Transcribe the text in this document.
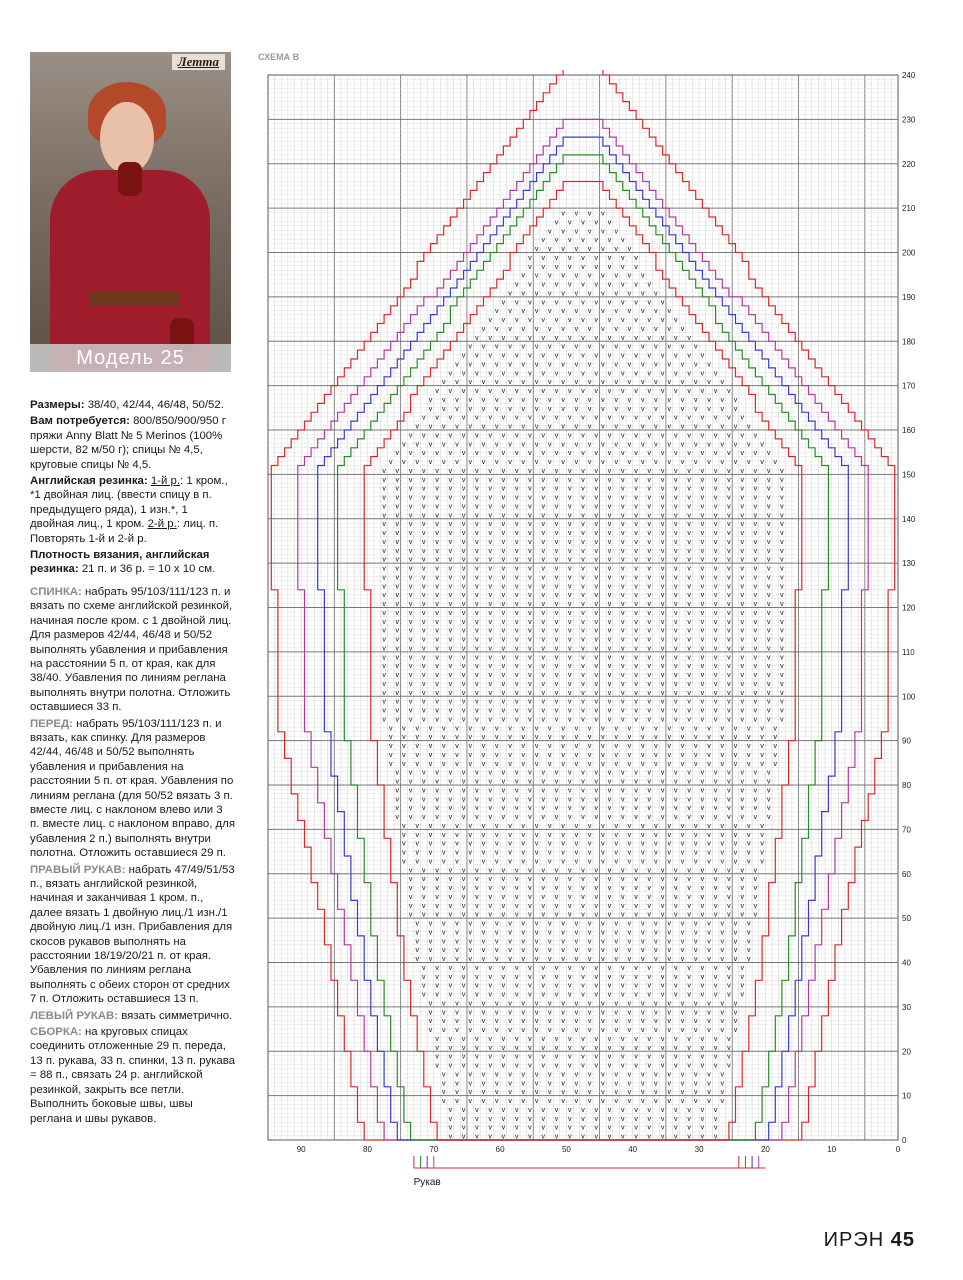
Летта
Модель 25

Размеры: 38/40, 42/44, 46/48, 50/52.

Вам потребуется: 800/850/900/950 г пряжи Anny Blatt № 5 Merinos (100% шерсти, 82 м/50 г); спицы № 4,5, круговые спицы № 4,5.

Английская резинка: 1-й р.: 1 кром., *1 двойная лиц. (ввести спицу в п. предыдущего ряда), 1 изн.*, 1 двойная лиц., 1 кром. 2-й р.: лиц. п. Повторять 1-й и 2-й р.

Плотность вязания, английская резинка: 21 п. и 36 р. = 10 х 10 см.

СПИНКА: набрать 95/103/111/123 п. и вязать по схеме английской резинкой, начиная после кром. с 1 двойной лиц. Для размеров 42/44, 46/48 и 50/52 выполнять убавления и прибавления на расстоянии 5 п. от края, как для 38/40. Убавления по линиям реглана выполнять внутри полотна. Отложить оставшиеся 33 п.

ПЕРЕД: набрать 95/103/111/123 п. и вязать, как спинку. Для размеров 42/44, 46/48 и 50/52 выполнять убавления и прибавления на расстоянии 5 п. от края. Убавления по линиям реглана (для 50/52 вязать 3 п. вместе лиц. с наклоном влево или 3 п. вместе лиц. с наклоном вправо, для убавления 2 п.) выполнять внутри полотна. Отложить оставшиеся 29 п.

ПРАВЫЙ РУКАВ: набрать 47/49/51/53 п., вязать английской резинкой, начиная и заканчивая 1 кром. п., далее вязать 1 двойную лиц./1 изн./1 двойную лиц./1 изн. Прибавления для скосов рукавов выполнять на расстоянии 18/19/20/21 п. от края. Убавления по линиям реглана выполнять с обеих сторон от средних 7 п. Отложить оставшиеся 13 п.

ЛЕВЫЙ РУКАВ: вязать симметрично.

СБОРКА: на круговых спицах соединить отложенные 29 п. переда, 13 п. рукава, 33 п. спинки, 13 п. рукава = 88 п., связать 24 р. английской резинкой, закрыть все петли. Выполнить боковые швы, швы реглана и швы рукавов.

СХЕМА В
v
v
v
v
v
v
v
v
v
v
v
v
v
v
v
v
v
v
v
v
v
v
v
v
v
v
v
v
v
v
v
v
v
v
v
v
v
v
v
v
v
v
v
v
v
v
v
v
v
v
v
v
v
v
v
v
v
v
v
v
v
v
v
v
v
v
v
v
v
v
v
v
v
v
v
v
v
v
v
v
v
v
v
v
v
v
v
v
v
v
v
v
v
v
v
v
v
v
v
v
v
v
v
v
v
v
v
v
v
v
v
v
v
v
v
v
v
v
v
v
v
v
v
v
v
v
v
v
v
v
v
v
v
v
v
v
v
v
v
v
v
v
v
v
v
v
v
v
v
v
v
v
v
v
v
v
v
v
v
v
v
v
v
v
v
v
v
v
v
v
v
v
v
v
v
v
v
v
v
v
v
v
v
v
v
v
v
v
v
v
v
v
v
v
v
v
v
v
v
v
v
v
v
v
v
v
v
v
v
v
v
v
v
v
v
v
v
v
v
v
v
v
v
v
v
v
v
v
v
v
v
v
v
v
v
v
v
v
v
v
v
v
v
v
v
v
v
v
v
v
v
v
v
v
v
v
v
v
v
v
v
v
v
v
v
v
v
v
v
v
v
v
v
v
v
v
v
v
v
v
v
v
v
v
v
v
v
v
v
v
v
v
v
v
v
v
v
v
v
v
v
v
v
v
v
v
v
v
v
v
v
v
v
v
v
v
v
v
v
v
v
v
v
v
v
v
v
v
v
v
v
v
v
v
v
v
v
v
v
v
v
v
v
v
v
v
v
v
v
v
v
v
v
v
v
v
v
v
v
v
v
v
v
v
v
v
v
v
v
v
v
v
v
v
v
v
v
v
v
v
v
v
v
v
v
v
v
v
v
v
v
v
v
v
v
v
v
v
v
v
v
v
v
v
v
v
v
v
v
v
v
v
v
v
v
v
v
v
v
v
v
v
v
v
v
v
v
v
v
v
v
v
v
v
v
v
v
v
v
v
v
v
v
v
v
v
v
v
v
v
v
v
v
v
v
v
v
v
v
v
v
v
v
v
v
v
v
v
v
v
v
v
v
v
v
v
v
v
v
v
v
v
v
v
v
v
v
v
v
v
v
v
v
v
v
v
v
v
v
v
v
v
v
v
v
v
v
v
v
v
v
v
v
v
v
v
v
v
v
v
v
v
v
v
v
v
v
v
v
v
v
v
v
v
v
v
v
v
v
v
v
v
v
v
v
v
v
v
v
v
v
v
v
v
v
v
v
v
v
v
v
v
v
v
v
v
v
v
v
v
v
v
v
v
v
v
v
v
v
v
v
v
v
v
v
v
v
v
v
v
v
v
v
v
v
v
v
v
v
v
v
v
v
v
v
v
v
v
v
v
v
v
v
v
v
v
v
v
v
v
v
v
v
v
v
v
v
v
v
v
v
v
v
v
v
v
v
v
v
v
v
v
v
v
v
v
v
v
v
v
v
v
v
v
v
v
v
v
v
v
v
v
v
v
v
v
v
v
v
v
v
v
v
v
v
v
v
v
v
v
v
v
v
v
v
v
v
v
v
v
v
v
v
v
v
v
v
v
v
v
v
v
v
v
v
v
v
v
v
v
v
v
v
v
v
v
v
v
v
v
v
v
v
v
v
v
v
v
v
v
v
v
v
v
v
v
v
v
v
v
v
v
v
v
v
v
v
v
v
v
v
v
v
v
v
v
v
v
v
v
v
v
v
v
v
v
v
v
v
v
v
v
v
v
v
v
v
v
v
v
v
v
v
v
v
v
v
v
v
v
v
v
v
v
v
v
v
v
v
v
v
v
v
v
v
v
v
v
v
v
v
v
v
v
v
v
v
v
v
v
v
v
v
v
v
v
v
v
v
v
v
v
v
v
v
v
v
v
v
v
v
v
v
v
v
v
v
v
v
v
v
v
v
v
v
v
v
v
v
v
v
v
v
v
v
v
v
v
v
v
v
v
v
v
v
v
v
v
v
v
v
v
v
v
v
v
v
v
v
v
v
v
v
v
v
v
v
v
v
v
v
v
v
v
v
v
v
v
v
v
v
v
v
v
v
v
v
v
v
v
v
v
v
v
v
v
v
v
v
v
v
v
v
v
v
v
v
v
v
v
v
v
v
v
v
v
v
v
v
v
v
v
v
v
v
v
v
v
v
v
v
v
v
v
v
v
v
v
v
v
v
v
v
v
v
v
v
v
v
v
v
v
v
v
v
v
v
v
v
v
v
v
v
v
v
v
v
v
v
v
v
v
v
v
v
v
v
v
v
v
v
v
v
v
v
v
v
v
v
v
v
v
v
v
v
v
v
v
v
v
v
v
v
v
v
v
v
v
v
v
v
v
v
v
v
v
v
v
v
v
v
v
v
v
v
v
v
v
v
v
v
v
v
v
v
v
v
v
v
v
v
v
v
v
v
v
v
v
v
v
v
v
v
v
v
v
v
v
v
v
v
v
v
v
v
v
v
v
v
v
v
v
v
v
v
v
v
v
v
v
v
v
v
v
v
v
v
v
v
v
v
v
v
v
v
v
v
v
v
v
v
v
v
v
v
v
v
v
v
v
v
v
v
v
v
v
v
v
v
v
v
v
v
v
v
v
v
v
v
v
v
v
v
v
v
v
v
v
v
v
v
v
v
v
v
v
v
v
v
v
v
v
v
v
v
v
v
v
v
v
v
v
v
v
v
v
v
v
v
v
v
v
v
v
v
v
v
v
v
v
v
v
v
v
v
v
v
v
v
v
v
v
v
v
v
v
v
v
v
v
v
v
v
v
v
v
v
v
v
v
v
v
v
v
v
v
v
v
v
v
v
v
v
v
v
v
v
v
v
v
v
v
v
v
v
v
v
v
v
v
v
v
v
v
v
v
v
v
v
v
v
v
v
v
v
v
v
v
v
v
v
v
v
v
v
v
v
v
v
v
v
v
v
v
v
v
v
v
v
v
v
v
v
v
v
v
v
v
v
v
v
v
v
v
v
v
v
v
v
v
v
v
v
v
v
v
v
v
v
v
v
v
v
v
v
v
v
v
v
v
v
v
v
v
v
v
v
v
v
v
v
v
v
v
v
v
v
v
v
v
v
v
v
v
v
v
v
v
v
v
v
v
v
v
v
v
v
v
v
v
v
v
v
v
v
v
v
v
v
v
v
v
v
v
v
v
v
v
v
v
v
v
v
v
v
v
v
v
v
v
v
v
v
v
v
v
v
v
v
v
v
v
v
v
v
v
v
v
v
v
v
v
v
v
v
v
v
v
v
v
v
v
v
v
v
v
v
v
v
v
v
v
v
v
v
v
v
v
v
v
v
v
v
v
v
v
v
v
v
v
v
v
v
v
v
v
v
v
v
v
v
v
v
v
v
v
v
v
v
v
v
v
v
v
v
v
v
v
v
v
v
v
v
v
v
v
v
v
v
v
v
v
v
v
v
v
v
v
v
v
v
v
v
v
v
v
v
v
v
v
v
v
v
v
v
v
v
v
v
v
v
v
v
v
v
v
v
v
v
v
v
v
v
v
v
v
v
v
v
v
v
v
v
v
v
v
v
v
v
v
v
v
v
v
v
v
v
v
v
v
v
v
v
v
v
v
v
v
v
v
v
v
v
v
v
v
v
v
v
v
v
v
v
v
v
v
v
v
v
v
v
v
v
v
v
v
v
v
v
v
v
v
v
v
v
v
v
v
v
v
v
v
v
v
v
v
v
v
v
v
v
v
v
v
v
v
v
v
v
v
v
v
v
v
v
v
v
v
v
v
v
v
v
v
v
v
v
v
v
v
v
v
v
v
v
v
v
v
v
v
v
v
v
v
v
v
v
v
v
v
v
v
v
v
v
v
v
v
v
v
v
v
v
v
v
v
v
v
v
v
v
v
v
v
v
v
v
v
v
v
v
v
v
v
v
v
v
v
v
v
v
v
v
v
v
v
v
v
v
v
v
v
v
v
v
v
v
v
v
v
v
v
v
v
v
v
v
v
v
v
v
v
v
v
v
v
v
v
v
v
v
v
v
v
v
v
v
v
v
v
v
v
v
v
v
v
v
v
v
v
v
v
v
v
v
v
v
v
v
v
v
v
v
v
v
v
v
v
v
v
v
v
v
v
v
v
v
v
v
v
v
v
v
v
v
v
v
v
v
v
v
v
v
v
v
v
v
v
v
v
v
v
v
v
v
v
v
v
v
v
v
v
v
v
v
v
v
v
v
v
v
v
v
v
v
v
v
v
v
v
v
v
v
v
v
v
v
v
v
v
v
v
v
v
v
v
v
v
v
v
v
v
v
v
v
v
v
v
v
v
v
v
v
v
v
v
v
v
v
v
v
v
v
v
v
v
v
v
v
v
v
v
v
v
v
v
v
v
v
v
v
v
v
v
v
v
v
v
v
v
v
v
v
v
v
v
v
v
v
v
v
v
v
v
v
v
v
v
v
v
v
v
v
v
v
v
v
v
v
v
v
v
v
v
v
v
v
v
v
v
v
v
v
v
v
v
v
v
v
v
v
v
v
v
v
v
v
v
v
v
v
v
v
v
v
v
v
v
v
v
v
v
v
v
v
v
v
v
v
v
v
v
v
v
v
v
v
v
v
v
v
v
v
v
v
v
v
v
v
v
v
v
v
v
v
v
v
v
v
v
v
v
v
v
v
v
v
v
v
v
v
v
v
v
v
v
v
v
v
v
v
v
v
v
v
v
v
v
v
v
v
v
v
v
v
v
v
v
v
v
v
v
v
v
v
v
v
v
v
v
v
v
v
v
v
v
v
v
v
v
v
v
v
v
v
v
v
v
v
v
v
v
v
v
v
v
v
v
v
v
v
v
v
v
v
v
v
v
v
v
v
v
v
v
v
v
v
v
v
v
v
v
v
v
v
v
v
v
v
v
v
v
v
v
v
v
v
v
v
v
v
v
v
v
v
v
v
v
v
v
v
v
v
v
v
v
v
v
v
v
v
v
v
v
v
v
v
v
v
v
v
v
v
v
v
v
v
v
v
v
v
v
v
v
v
v
v
v
v
v
v
v
v
v
v
v
v
v
v
v
v
v
v
v
v
v
v
v
v
v
v
v
v
v
v
v
v
v
v
v
v
v
v
v
v
v
v
v
v
v
v
v
v
v
v
v
v
v
v
v
v
v
v
v
v
v
v
v
v
v
v
v
v
v
v
v
v
v
v
v
v
v
v
v
v
v
v
v
v
v
v
v
v
v
v
v
v
v
v
v
v
v
v
v
v
v
v
v
v
v
v
v
v
v
v
v
v
v
v
v
v
v
v
v
v
v
v
v
v
v
v
v
v
v
v
v
v
v
v
v
v
v
v
v
v
v
v
v
v
v
v
v
v
v
v
v
v
v
v
v
v
v
v
v
v
v
v
v
v
v
v
v
v
v
v
v
v
v
v
v
v
v
v
v
v
v
v
v
v
v
v
v
v
v
v
v
v
v
v
v
v
v
v
v
v
v
v
v
v
v
v
v
v
v
v
v
v
v
v
v
v
v
v
v
v
v
v
v
v
v
v
v
v
v
v
v
v
v
v
v
v
v
v
v
v
v
v
v
v
v
v
v
v
v
v
v
v
v
v
v
v
v
v
v
v
v
v
v
v
v
v
v
v
v
v
v
v
v
v
v
v
v
v
v
v
v
v
v
v
v
v
v
v
v
v
v
v
v
v
v
v
v
v
v
v
v
v
v
v
v
v
v
v
v
v
v
v
v
v
v
v
v
v
v
v
v
v
v
v
v
v
v
v
v
v
v
v
v
v
v
v
v
v
v
v
v
v
v
v
v
v
v
v
v
v
v
v
v
v
v
v
v
v
v
v
v
v
v
v
v
v
v
v
v
v
v
v
v
v
v
v
v
v
v
v
v
v
0
10
20
30
40
50
60
70
80
90
100
110
120
130
140
150
160
170
180
190
200
210
220
230
240
90	80	70	60	50	40	30	20	10	0
Рукав
ИРЭН 45
